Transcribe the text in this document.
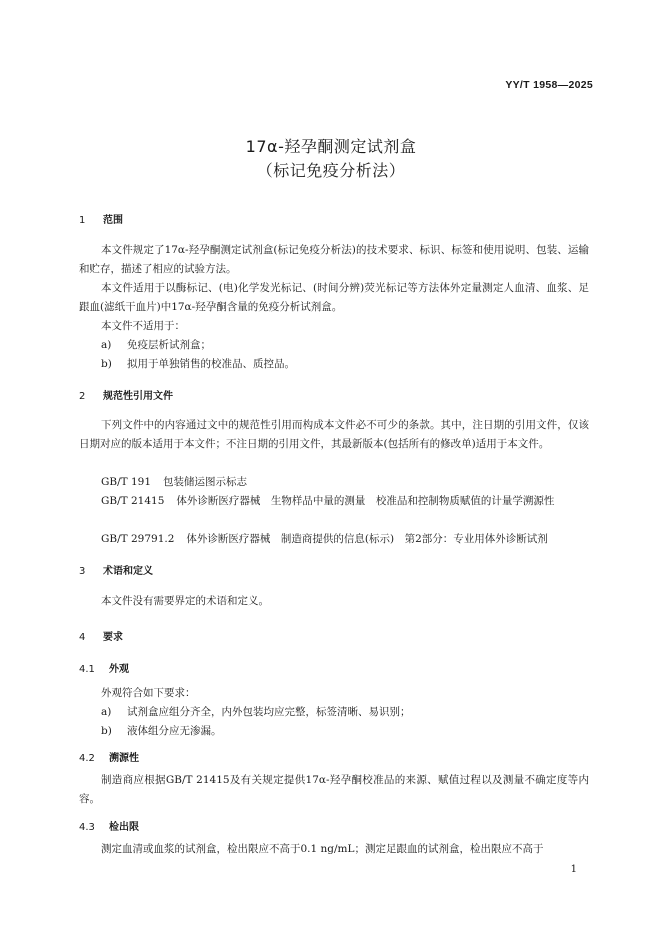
YY/T 1958—2025
17α-羟孕酮测定试剂盒
（标记免疫分析法）
1 范围
本文件规定了17α-羟孕酮测定试剂盒(标记免疫分析法)的技术要求、标识、标签和使用说明、包装、运输和贮存，描述了相应的试验方法。
本文件适用于以酶标记、(电)化学发光标记、(时间分辨)荧光标记等方法体外定量测定人血清、血浆、足跟血(滤纸干血片)中17α-羟孕酮含量的免疫分析试剂盒。
本文件不适用于：
a) 免疫层析试剂盒；
b) 拟用于单独销售的校准品、质控品。
2 规范性引用文件
下列文件中的内容通过文中的规范性引用而构成本文件必不可少的条款。其中，注日期的引用文件，仅该日期对应的版本适用于本文件；不注日期的引用文件，其最新版本(包括所有的修改单)适用于本文件。
GB/T 191 包装储运图示标志
GB/T 21415 体外诊断医疗器械　生物样品中量的测量　校准品和控制物质赋值的计量学溯源性
GB/T 29791.2 体外诊断医疗器械　制造商提供的信息(标示)　第2部分：专业用体外诊断试剂
3 术语和定义
本文件没有需要界定的术语和定义。
4 要求
4.1 外观
外观符合如下要求：
a) 试剂盒应组分齐全，内外包装均应完整，标签清晰、易识别；
b) 液体组分应无渗漏。
4.2 溯源性
制造商应根据GB/T 21415及有关规定提供17α-羟孕酮校准品的来源、赋值过程以及测量不确定度等内容。
4.3 检出限
测定血清或血浆的试剂盒，检出限应不高于0.1 ng/mL；测定足跟血的试剂盒，检出限应不高于
1
